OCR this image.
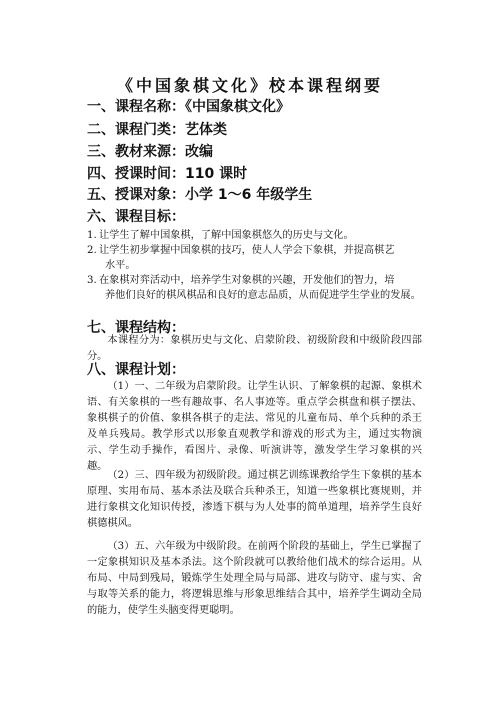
《中国象棋文化》校本课程纲要

一、课程名称：《中国象棋文化》

二、课程门类：艺体类

三、教材来源：改编

四、授课时间：110 课时

五、授课对象：小学 1～6 年级学生

六、课程目标：

1. 让学生了解中国象棋，了解中国象棋悠久的历史与文化。
2. 让学生初步掌握中国象棋的技巧，使人人学会下象棋，并提高棋艺
水平。
3. 在象棋对弈活动中，培养学生对象棋的兴趣，开发他们的智力，培
养他们良好的棋风棋品和良好的意志品质，从而促进学生学业的发展。

七、课程结构：

本课程分为：象棋历史与文化、启蒙阶段、初级阶段和中级阶段四部分。

八、课程计划：

（1）一、二年级为启蒙阶段。让学生认识、了解象棋的起源、象棋术语、有关象棋的一些有趣故事、名人事迹等。重点学会棋盘和棋子摆法、象棋棋子的价值、象棋各棋子的走法、常见的儿童布局、单个兵种的杀王及单兵残局。教学形式以形象直观教学和游戏的形式为主，通过实物演示、学生动手操作，看图片、录像、听演讲等，激发学生学习象棋的兴趣。

（2）三、四年级为初级阶段。通过棋艺训练课教给学生下象棋的基本原理、实用布局、基本杀法及联合兵种杀王，知道一些象棋比赛规则，并进行象棋文化知识传授，渗透下棋与为人处事的简单道理，培养学生良好棋德棋风。

（3）五、六年级为中级阶段。在前两个阶段的基础上，学生已掌握了一定象棋知识及基本杀法。这个阶段就可以教给他们战术的综合运用。从布局、中局到残局，锻炼学生处理全局与局部、进攻与防守、虚与实、舍与取等关系的能力，将逻辑思维与形象思维结合其中，培养学生调动全局的能力，使学生头脑变得更聪明。
